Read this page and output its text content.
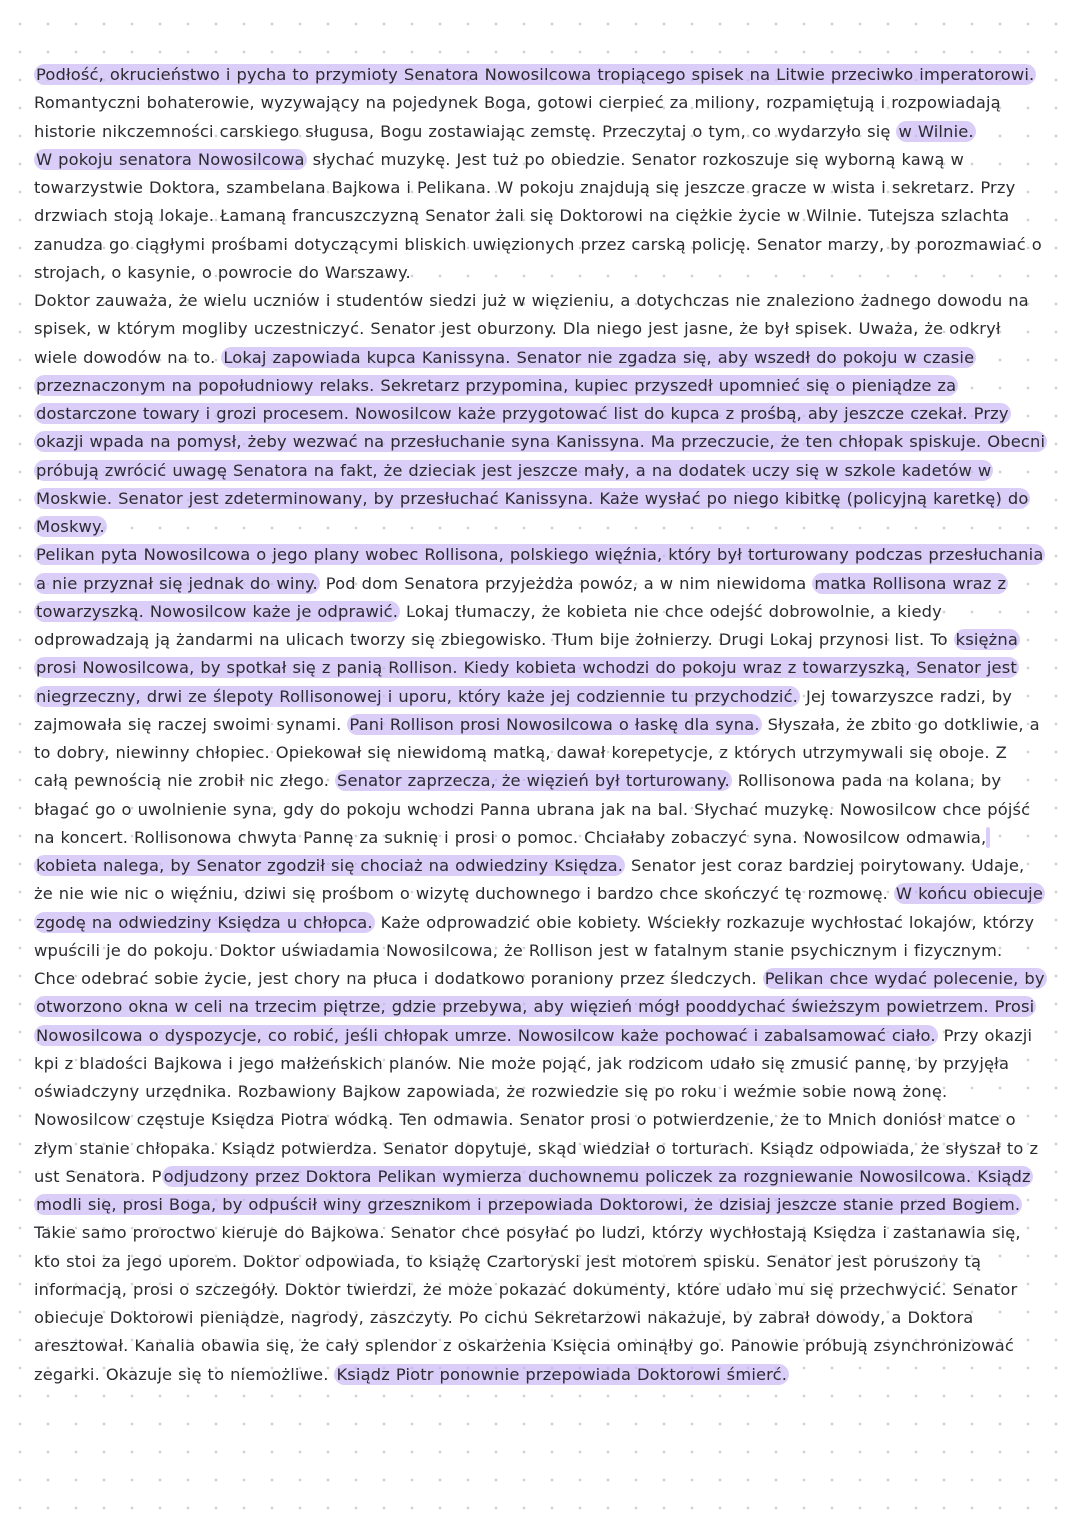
Podłość, okrucieństwo i pycha to przymioty Senatora Nowosilcowa tropiącego spisek na Litwie przeciwko imperatorowi. Romantyczni bohaterowie, wyzywający na pojedynek Boga, gotowi cierpieć za miliony, rozpamiętują i rozpowiadają historie nikczemności carskiego sługusa, Bogu zostawiając zemstę. Przeczytaj o tym, co wydarzyło się w Wilnie.

W pokoju senatora Nowosilcowa słychać muzykę. Jest tuż po obiedzie. Senator rozkoszuje się wyborną kawą w towarzystwie Doktora, szambelana Bajkowa i Pelikana. W pokoju znajdują się jeszcze gracze w wista i sekretarz. Przy drzwiach stoją lokaje. Łamaną francuszczyzną Senator żali się Doktorowi na ciężkie życie w Wilnie. Tutejsza szlachta zanudza go ciągłymi prośbami dotyczącymi bliskich uwięzionych przez carską policję. Senator marzy, by porozmawiać o strojach, o kasynie, o powrocie do Warszawy.

Doktor zauważa, że wielu uczniów i studentów siedzi już w więzieniu, a dotychczas nie znaleziono żadnego dowodu na spisek, w którym mogliby uczestniczyć. Senator jest oburzony. Dla niego jest jasne, że był spisek. Uważa, że odkrył wiele dowodów na to. Lokaj zapowiada kupca Kanissyna. Senator nie zgadza się, aby wszedł do pokoju w czasie przeznaczonym na popołudniowy relaks. Sekretarz przypomina, kupiec przyszedł upomnieć się o pieniądze za dostarczone towary i grozi procesem. Nowosilcow każe przygotować list do kupca z prośbą, aby jeszcze czekał. Przy okazji wpada na pomysł, żeby wezwać na przesłuchanie syna Kanissyna. Ma przeczucie, że ten chłopak spiskuje. Obecni próbują zwrócić uwagę Senatora na fakt, że dzieciak jest jeszcze mały, a na dodatek uczy się w szkole kadetów w Moskwie. Senator jest zdeterminowany, by przesłuchać Kanissyna. Każe wysłać po niego kibitkę (policyjną karetkę) do Moskwy.

Pelikan pyta Nowosilcowa o jego plany wobec Rollisona, polskiego więźnia, który był torturowany podczas przesłuchania a nie przyznał się jednak do winy. Pod dom Senatora przyjeżdża powóz, a w nim niewidoma matka Rollisona wraz z towarzyszką. Nowosilcow każe je odprawić. Lokaj tłumaczy, że kobieta nie chce odejść dobrowolnie, a kiedy odprowadzają ją żandarmi na ulicach tworzy się zbiegowisko. Tłum bije żołnierzy. Drugi Lokaj przynosi list. To księżna prosi Nowosilcowa, by spotkał się z panią Rollison. Kiedy kobieta wchodzi do pokoju wraz z towarzyszką, Senator jest niegrzeczny, drwi ze ślepoty Rollisonowej i uporu, który każe jej codziennie tu przychodzić. Jej towarzyszce radzi, by zajmowała się raczej swoimi synami. Pani Rollison prosi Nowosilcowa o łaskę dla syna. Słyszała, że zbito go dotkliwie, a to dobry, niewinny chłopiec. Opiekował się niewidomą matką, dawał korepetycje, z których utrzymywali się oboje. Z całą pewnością nie zrobił nic złego. Senator zaprzecza, że więzień był torturowany. Rollisonowa pada na kolana, by błagać go o uwolnienie syna, gdy do pokoju wchodzi Panna ubrana jak na bal. Słychać muzykę. Nowosilcow chce pójść na koncert. Rollisonowa chwyta Pannę za suknię i prosi o pomoc. Chciałaby zobaczyć syna. Nowosilcow odmawia, kobieta nalega, by Senator zgodził się chociaż na odwiedziny Księdza. Senator jest coraz bardziej poirytowany. Udaje, że nie wie nic o więźniu, dziwi się prośbom o wizytę duchownego i bardzo chce skończyć tę rozmowę. W końcu obiecuje zgodę na odwiedziny Księdza u chłopca. Każe odprowadzić obie kobiety. Wściekły rozkazuje wychłostać lokajów, którzy wpuścili je do pokoju. Doktor uświadamia Nowosilcowa, że Rollison jest w fatalnym stanie psychicznym i fizycznym. Chce odebrać sobie życie, jest chory na płuca i dodatkowo poraniony przez śledczych. Pelikan chce wydać polecenie, by otworzono okna w celi na trzecim piętrze, gdzie przebywa, aby więzień mógł pooddychać świeższym powietrzem. Prosi Nowosilcowa o dyspozycje, co robić, jeśli chłopak umrze. Nowosilcow każe pochować i zabalsamować ciało. Przy okazji kpi z bladości Bajkowa i jego małżeńskich planów. Nie może pojąć, jak rodzicom udało się zmusić pannę, by przyjęła oświadczyny urzędnika. Rozbawiony Bajkow zapowiada, że rozwiedzie się po roku i weźmie sobie nową żonę.

Nowosilcow częstuje Księdza Piotra wódką. Ten odmawia. Senator prosi o potwierdzenie, że to Mnich doniósł matce o złym stanie chłopaka. Ksiądz potwierdza. Senator dopytuje, skąd wiedział o torturach. Ksiądz odpowiada, że słyszał to z ust Senatora. P odjudzony przez Doktora Pelikan wymierza duchownemu policzek za rozgniewanie Nowosilcowa. Ksiądz modli się, prosi Boga, by odpuścił winy grzesznikom i przepowiada Doktorowi, że dzisiaj jeszcze stanie przed Bogiem. Takie samo proroctwo kieruje do Bajkowa. Senator chce posyłać po ludzi, którzy wychłostają Księdza i zastanawia się, kto stoi za jego uporem. Doktor odpowiada, to książę Czartoryski jest motorem spisku. Senator jest poruszony tą informacją, prosi o szczegóły. Doktor twierdzi, że może pokazać dokumenty, które udało mu się przechwycić. Senator obiecuje Doktorowi pieniądze, nagrody, zaszczyty. Po cichu Sekretarzowi nakazuje, by zabrał dowody, a Doktora aresztował. Kanalia obawia się, że cały splendor z oskarżenia Księcia ominąłby go. Panowie próbują zsynchronizować zegarki. Okazuje się to niemożliwe. Ksiądz Piotr ponownie przepowiada Doktorowi śmierć.
